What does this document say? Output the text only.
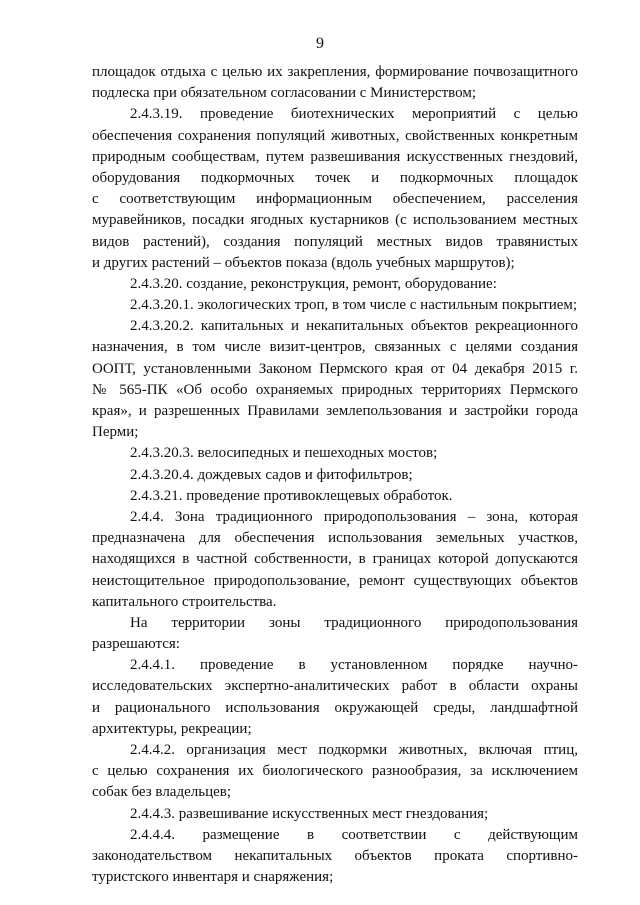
9
площадок отдыха с целью их закрепления, формирование почвозащитного
подлеска при обязательном согласовании с Министерством;
2.4.3.19. проведение биотехнических мероприятий с целью
обеспечения сохранения популяций животных, свойственных конкретным
природным сообществам, путем развешивания искусственных гнездовий,
оборудования подкормочных точек и подкормочных площадок
с соответствующим информационным обеспечением, расселения
муравейников, посадки ягодных кустарников (с использованием местных
видов растений), создания популяций местных видов травянистых
и других растений – объектов показа (вдоль учебных маршрутов);
2.4.3.20. создание, реконструкция, ремонт, оборудование:
2.4.3.20.1. экологических троп, в том числе с настильным покрытием;
2.4.3.20.2. капитальных и некапитальных объектов рекреационного
назначения, в том числе визит-центров, связанных с целями создания
ООПТ, установленными Законом Пермского края от 04 декабря 2015 г.
№ 565-ПК «Об особо охраняемых природных территориях Пермского
края», и разрешенных Правилами землепользования и застройки города
Перми;
2.4.3.20.3. велосипедных и пешеходных мостов;
2.4.3.20.4. дождевых садов и фитофильтров;
2.4.3.21. проведение противоклещевых обработок.
2.4.4. Зона традиционного природопользования – зона, которая
предназначена для обеспечения использования земельных участков,
находящихся в частной собственности, в границах которой допускаются
неистощительное природопользование, ремонт существующих объектов
капитального строительства.
На территории зоны традиционного природопользования
разрешаются:
2.4.4.1. проведение в установленном порядке научно-
исследовательских экспертно-аналитических работ в области охраны
и рационального использования окружающей среды, ландшафтной
архитектуры, рекреации;
2.4.4.2. организация мест подкормки животных, включая птиц,
с целью сохранения их биологического разнообразия, за исключением
собак без владельцев;
2.4.4.3. развешивание искусственных мест гнездования;
2.4.4.4. размещение в соответствии с действующим
законодательством некапитальных объектов проката спортивно-
туристского инвентаря и снаряжения;
